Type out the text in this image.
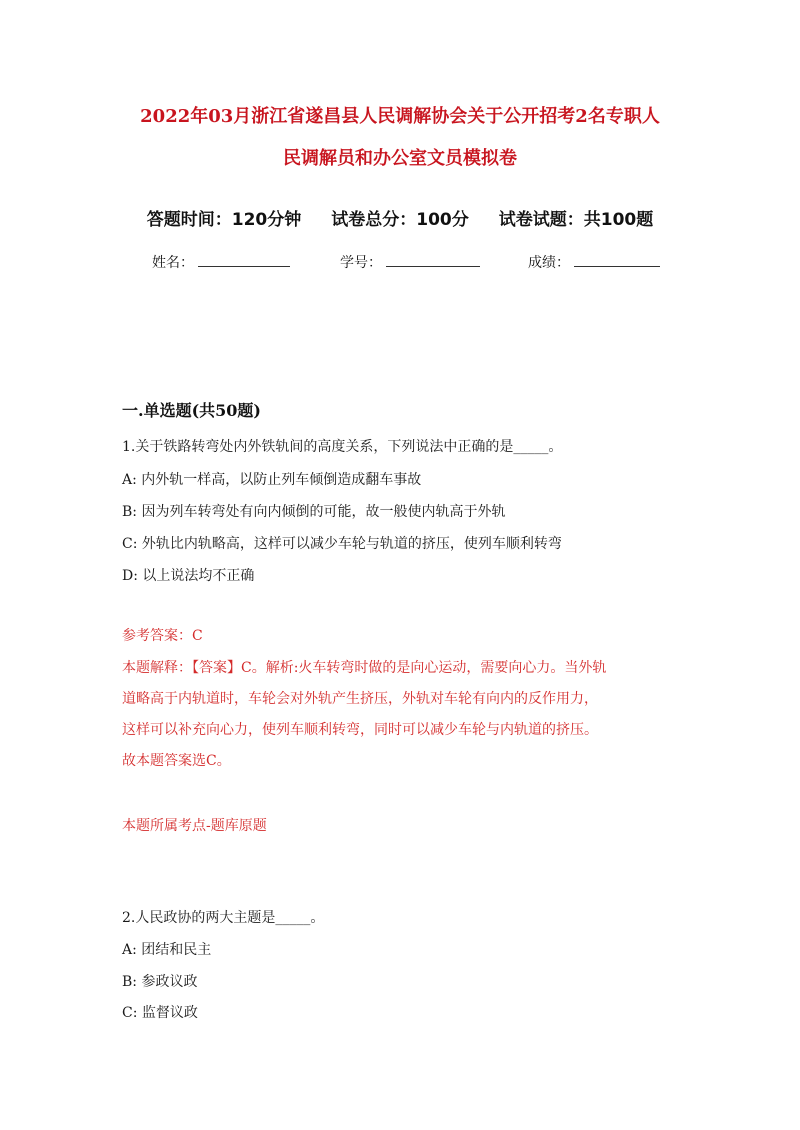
2022年03月浙江省遂昌县人民调解协会关于公开招考2名专职人
民调解员和办公室文员模拟卷
答题时间：120分钟 试卷总分：100分 试卷试题：共100题
姓名：	学号：	成绩：
一.单选题(共50题)
1.关于铁路转弯处内外铁轨间的高度关系，下列说法中正确的是_____。
A: 内外轨一样高，以防止列车倾倒造成翻车事故
B: 因为列车转弯处有向内倾倒的可能，故一般使内轨高于外轨
C: 外轨比内轨略高，这样可以减少车轮与轨道的挤压，使列车顺利转弯
D: 以上说法均不正确
参考答案：C
本题解释：【答案】C。解析:火车转弯时做的是向心运动，需要向心力。当外轨
道略高于内轨道时，车轮会对外轨产生挤压，外轨对车轮有向内的反作用力，
这样可以补充向心力，使列车顺利转弯，同时可以减少车轮与内轨道的挤压。
故本题答案选C。
本题所属考点-题库原题
2.人民政协的两大主题是_____。
A: 团结和民主
B: 参政议政
C: 监督议政
